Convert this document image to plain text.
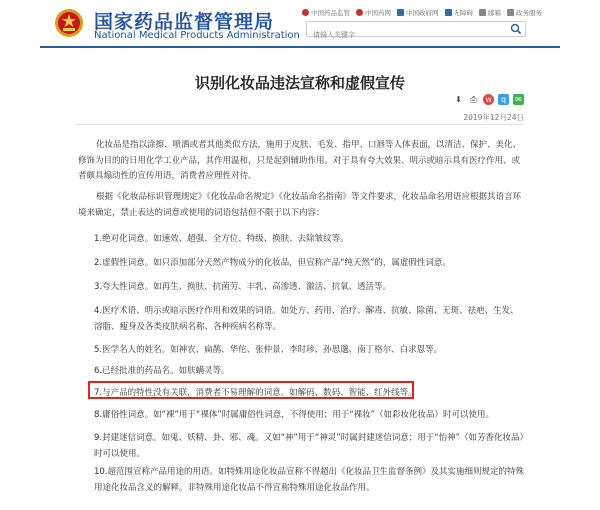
国家药品监督管理局
National Medical Products Administration
中国药品监管 中国药网 中国政府网 无障碍 邮箱 政务服务
请输入关键字
识别化妆品违法宣称和虚假宣传
⬇ ⎙ w	q	✉
2019年12月24日
化妆品是指以涂擦、喷洒或者其他类似方法，施用于皮肤、毛发、指甲、口唇等人体表面，以清洁、保护、美化、修饰为目的的日用化学工业产品，其作用温和，只是起到辅助作用。对于具有夸大效果、明示或暗示具有医疗作用、或者颇具煽动性的宣传用语，消费者应理性对待。
根据《化妆品标识管理规定》《化妆品命名规定》《化妆品命名指南》等文件要求，化妆品命名用语应根据其语言环境来确定，禁止表达的词意或使用的词语包括但不限于以下内容：
1.绝对化词意。如速效、超强、全方位、特级、换肤、去除皱纹等。
2.虚假性词意。如只添加部分天然产物成分的化妆品，但宣称产品“纯天然”的，属虚假性词意。
3.夸大性词意。如再生、换肤、抗菌劳、丰乳、高渗透、激活、抗氧、透活等。
4.医疗术语、明示或暗示医疗作用和效果的词语。如处方、药用、治疗、解毒、抗敏、除菌、无斑、祛疤、生发、溶脂、瘦身及各类皮肤病名称、各种疾病名称等。
5.医学名人的姓名。如神农、扁鹊、华佗、张仲景、李时珍、孙思邈、南丁格尔、白求恩等。
6.已经批准的药品名。如肤螨灵等。
7.与产品的特性没有关联，消费者不易理解的词意。如解码、数码、智能、红外线等。
8.庸俗性词意。如“裸”用于“裸体”时属庸俗性词意，不得使用；用于“裸妆”（如彩妆化妆品）时可以使用。
9.封建迷信词意。如鬼、妖精、卦、邪、魂。又如“神”用于“神灵”时属封建迷信词意；用于“怡神”（如芳香化妆品）时可以使用。
10.超范围宣称产品用途的用语。如特殊用途化妆品宣称不得超出《化妆品卫生监督条例》及其实施细则规定的特殊用途化妆品含义的解释。非特殊用途化妆品不得宣称特殊用途化妆品作用。
